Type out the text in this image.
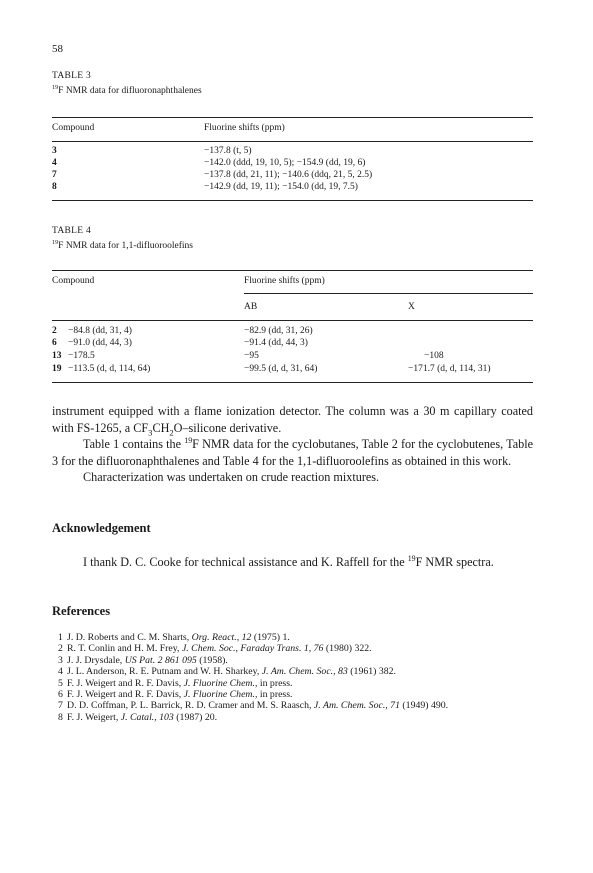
58
TABLE 3
$^{19}$F NMR data for difluoronaphthalenes
Compound	Fluorine shifts (ppm)
3	−137.8 (t, 5)
4	−142.0 (ddd, 19, 10, 5); −154.9 (dd, 19, 6)
7	−137.8 (dd, 21, 11); −140.6 (ddq, 21, 5, 2.5)
8	−142.9 (dd, 19, 11); −154.0 (dd, 19, 7.5)
TABLE 4
$^{19}$F NMR data for 1,1-difluoroolefins
Compound	Fluorine shifts (ppm)
AB	X
2 −84.8 (dd, 31, 4)	−82.9 (dd, 31, 26)
6 −91.0 (dd, 44, 3)	−91.4 (dd, 44, 3)
13 −178.5	−95	−108
19 −113.5 (d, d, 114, 64)	−99.5 (d, d, 31, 64)	−171.7 (d, d, 114, 31)

instrument equipped with a flame ionization detector. The column was a 30 m capillary coated with FS-1265, a $CF_3CH_2O$–silicone derivative.

Table 1 contains the $^{19}$F NMR data for the cyclobutanes, Table 2 for the cyclobutenes, Table 3 for the difluoronaphthalenes and Table 4 for the 1,1-difluoroolefins as obtained in this work.

Characterization was undertaken on crude reaction mixtures.

Acknowledgement

I thank D. C. Cooke for technical assistance and K. Raffell for the $^{19}$F NMR spectra.

References
1 J. D. Roberts and C. M. Sharts, Org. React., 12 (1975) 1.
2 R. T. Conlin and H. M. Frey, J. Chem. Soc., Faraday Trans. 1, 76 (1980) 322.
3 J. J. Drysdale, US Pat. 2 861 095 (1958).
4 J. L. Anderson, R. E. Putnam and W. H. Sharkey, J. Am. Chem. Soc., 83 (1961) 382.
5 F. J. Weigert and R. F. Davis, J. Fluorine Chem., in press.
6 F. J. Weigert and R. F. Davis, J. Fluorine Chem., in press.
7 D. D. Coffman, P. L. Barrick, R. D. Cramer and M. S. Raasch, J. Am. Chem. Soc., 71 (1949) 490.
8 F. J. Weigert, J. Catal., 103 (1987) 20.
